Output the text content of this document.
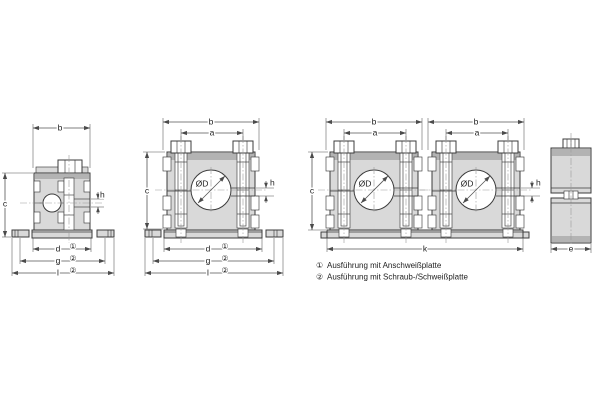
b
c
h
d ①
g ②
l ②
b
a
c
h
d ①
g ②
l ②
b	b
a	a
c
h
k	e
① Ausführung mit Anschweißplatte
② Ausführung mit Schraub-/Schweißplatte
